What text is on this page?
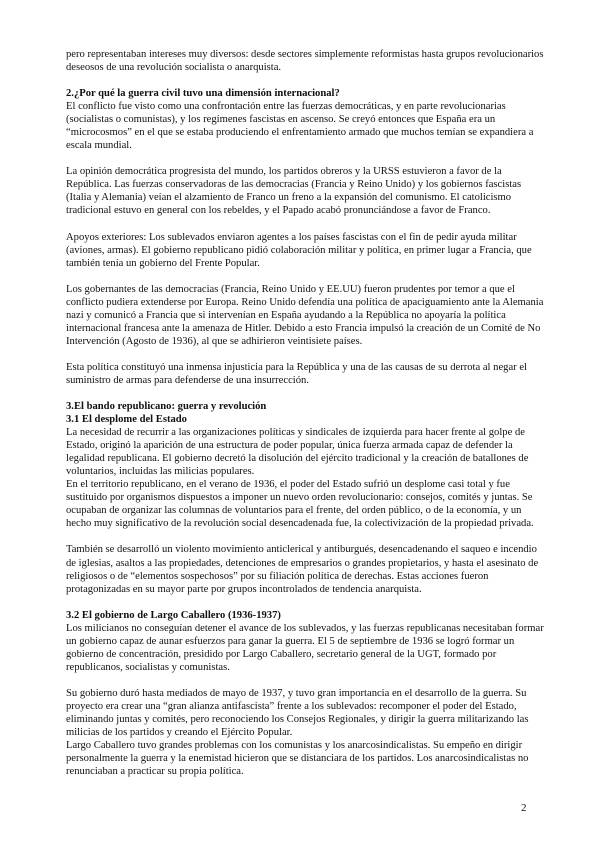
pero representaban intereses muy diversos: desde sectores simplemente reformistas hasta grupos revolucionarios deseosos de una revolución socialista o anarquista.

2.¿Por qué la guerra civil tuvo una dimensión internacional?

El conflicto fue visto como una confrontación entre las fuerzas democráticas, y en parte revolucionarias (socialistas o comunistas), y los regímenes fascistas en ascenso. Se creyó entonces que España era un “microcosmos” en el que se estaba produciendo el enfrentamiento armado que muchos temían se expandiera a escala mundial.

La opinión democrática progresista del mundo, los partidos obreros y la URSS estuvieron a favor de la República. Las fuerzas conservadoras de las democracias (Francia y Reino Unido) y los gobiernos fascistas (Italia y Alemania) veían el alzamiento de Franco un freno a la expansión del comunismo. El catolicismo tradicional estuvo en general con los rebeldes, y el Papado acabó pronunciándose a favor de Franco.

Apoyos exteriores: Los sublevados enviaron agentes a los países fascistas con el fin de pedir ayuda militar (aviones, armas). El gobierno republicano pidió colaboración militar y política, en primer lugar a Francia, que también tenía un gobierno del Frente Popular.

Los gobernantes de las democracias (Francia, Reino Unido y EE.UU) fueron prudentes por temor a que el conflicto pudiera extenderse por Europa. Reino Unido defendía una política de apaciguamiento ante la Alemania nazi y comunicó a Francia que si intervenían en España ayudando a la República no apoyaría la política internacional francesa ante la amenaza de Hitler. Debido a esto Francia impulsó la creación de un Comité de No Intervención (Agosto de 1936), al que se adhirieron veintisiete países.

Esta política constituyó una inmensa injusticia para la República y una de las causas de su derrota al negar el suministro de armas para defenderse de una insurrección.

3.El bando republicano: guerra y revolución
3.1 El desplome del Estado

La necesidad de recurrir a las organizaciones políticas y sindicales de izquierda para hacer frente al golpe de Estado, originó la aparición de una estructura de poder popular, única fuerza armada capaz de defender la legalidad republicana. El gobierno decretó la disolución del ejército tradicional y la creación de batallones de voluntarios, incluidas las milicias populares.

En el territorio republicano, en el verano de 1936, el poder del Estado sufrió un desplome casi total y fue sustituido por organismos dispuestos a imponer un nuevo orden revolucionario: consejos, comités y juntas. Se ocupaban de organizar las columnas de voluntarios para el frente, del orden público, o de la economía, y un hecho muy significativo de la revolución social desencadenada fue, la colectivización de la propiedad privada.

También se desarrolló un violento movimiento anticlerical y antiburgués, desencadenando el saqueo e incendio de iglesias, asaltos a las propiedades, detenciones de empresarios o grandes propietarios, y hasta el asesinato de religiosos o de “elementos sospechosos” por su filiación política de derechas. Estas acciones fueron protagonizadas en su mayor parte por grupos incontrolados de tendencia anarquista.

3.2 El gobierno de Largo Caballero (1936-1937)

Los milicianos no conseguían detener el avance de los sublevados, y las fuerzas republicanas necesitaban formar un gobierno capaz de aunar esfuerzos para ganar la guerra. El 5 de septiembre de 1936 se logró formar un gobierno de concentración, presidido por Largo Caballero, secretario general de la UGT, formado por republicanos, socialistas y comunistas.

Su gobierno duró hasta mediados de mayo de 1937, y tuvo gran importancia en el desarrollo de la guerra. Su proyecto era crear una “gran alianza antifascista” frente a los sublevados: recomponer el poder del Estado, eliminando juntas y comités, pero reconociendo los Consejos Regionales, y dirigir la guerra militarizando las milicias de los partidos y creando el Ejército Popular.

Largo Caballero tuvo grandes problemas con los comunistas y los anarcosindicalistas. Su empeño en dirigir personalmente la guerra y la enemistad hicieron que se distanciara de los partidos. Los anarcosindicalistas no renunciaban a practicar su propia política.

2
